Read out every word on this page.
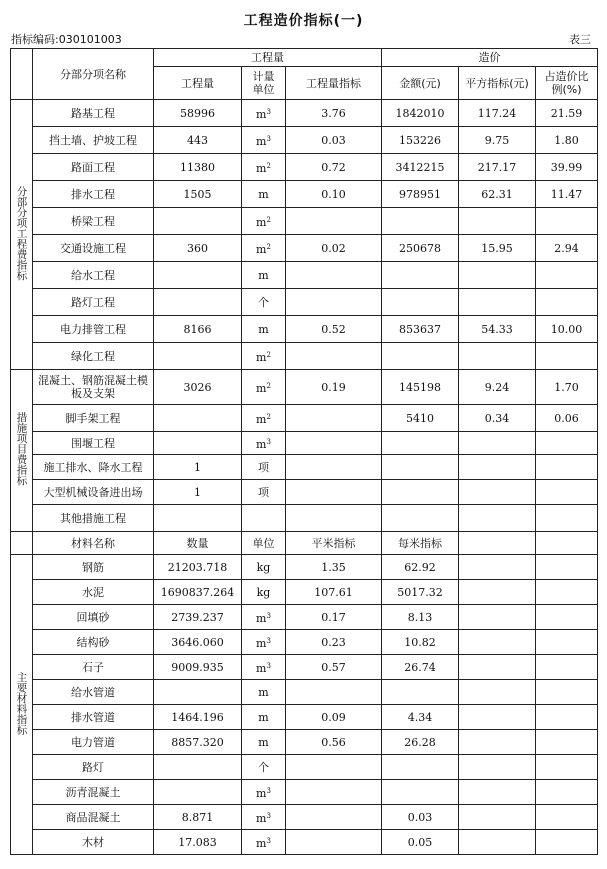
工程造价指标(一)
指标编码:030101003	表三
	分部分项名称	工程量			造价		
		工程量	计量单位	工程量指标	金额(元)	平方指标(元)	占造价比例(%)
分部分项工程费指标	路基工程	58996	$m^3$	3.76	1842010	117.24	21.59
	挡土墙、护坡工程	443	$m^3$	0.03	153226	9.75	1.80
	路面工程	11380	$m^2$	0.72	3412215	217.17	39.99
	排水工程	1505	m	0.10	978951	62.31	11.47
	桥梁工程		$m^2$				
	交通设施工程	360	$m^2$	0.02	250678	15.95	2.94
	给水工程		m				
	路灯工程		个				
	电力排管工程	8166	m	0.52	853637	54.33	10.00
	绿化工程		$m^2$				
措施项目费指标	混凝土、钢筋混凝土模板及支架	3026	$m^2$	0.19	145198	9.24	1.70
	脚手架工程		$m^2$		5410	0.34	0.06
	围堰工程		$m^3$				
	施工排水、降水工程	1	项				
	大型机械设备进出场	1	项				
	其他措施工程						
	材料名称	数量	单位	平米指标	每米指标		
主要材料指标	钢筋	21203.718	kg	1.35	62.92		
	水泥	1690837.264	kg	107.61	5017.32		
	回填砂	2739.237	$m^3$	0.17	8.13		
	结构砂	3646.060	$m^3$	0.23	10.82		
	石子	9009.935	$m^3$	0.57	26.74		
	给水管道		m				
	排水管道	1464.196	m	0.09	4.34		
	电力管道	8857.320	m	0.56	26.28		
	路灯		个				
	沥青混凝土		$m^3$				
	商品混凝土	8.871	$m^3$		0.03		
	木材	17.083	$m^3$		0.05		
